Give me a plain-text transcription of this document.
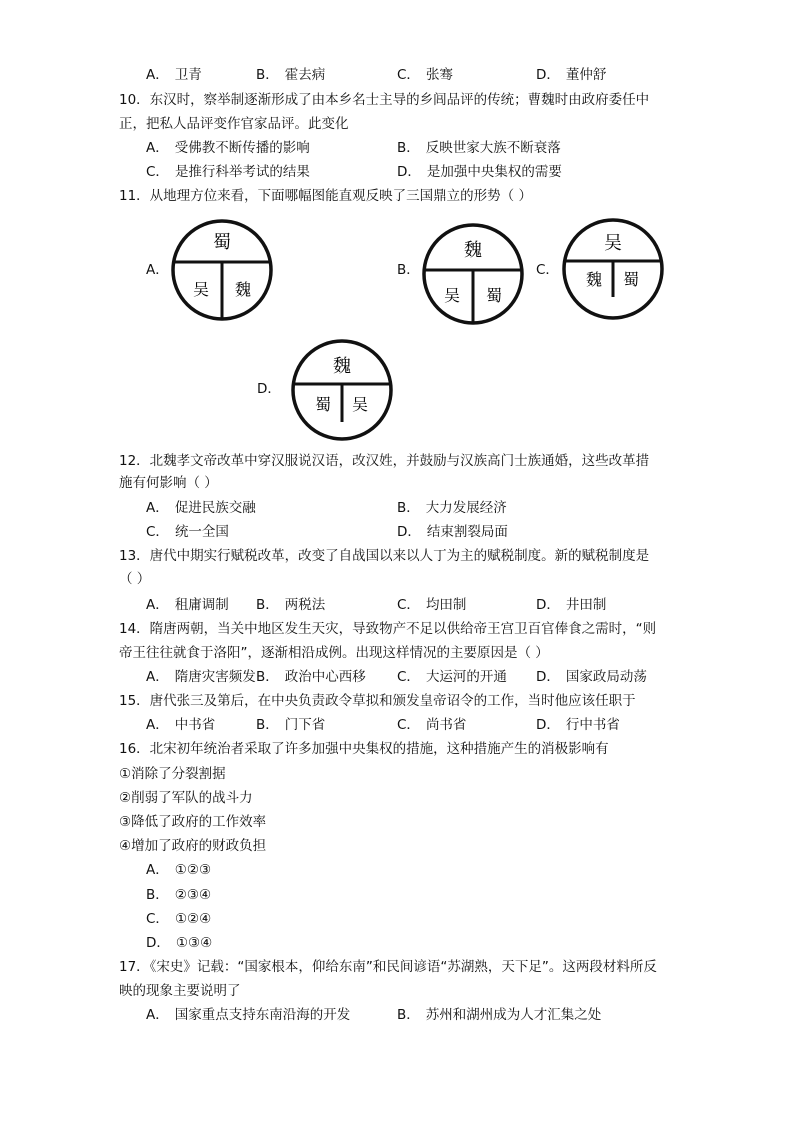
A． 卫青	B． 霍去病	C． 张骞	D． 董仲舒
10．东汉时，察举制逐渐形成了由本乡名士主导的乡闾品评的传统；曹魏时由政府委任中
正，把私人品评变作官家品评。此变化
A． 受佛教不断传播的影响	B． 反映世家大族不断衰落
C． 是推行科举考试的结果	D． 是加强中央集权的需要
11．从地理方位来看，下面哪幅图能直观反映了三国鼎立的形势（ ）
A．
蜀
吴 魏
B．
魏
吴 蜀
C．
吴
魏 蜀
D．
魏
蜀 吴
12．北魏孝文帝改革中穿汉服说汉语，改汉姓，并鼓励与汉族高门士族通婚，这些改革措
施有何影响（ ）
A． 促进民族交融	B． 大力发展经济
C． 统一全国	D． 结束割裂局面
13．唐代中期实行赋税改革，改变了自战国以来以人丁为主的赋税制度。新的赋税制度是
（ ）
A． 租庸调制 B． 两税法	C． 均田制	D． 井田制
14．隋唐两朝，当关中地区发生天灾，导致物产不足以供给帝王宫卫百官俸食之需时，“则
帝王往往就食于洛阳”，逐渐相沿成例。出现这样情况的主要原因是（ ）
A． 隋唐灾害频发 B． 政治中心西移 C． 大运河的开通 D． 国家政局动荡
15．唐代张三及第后，在中央负责政令草拟和颁发皇帝诏令的工作，当时他应该任职于
A． 中书省	B． 门下省	C． 尚书省	D． 行中书省
16．北宋初年统治者采取了许多加强中央集权的措施，这种措施产生的消极影响有
①消除了分裂割据
②削弱了军队的战斗力
③降低了政府的工作效率
④增加了政府的财政负担
A． ①②③
B． ②③④
C． ①②④
D． ①③④
17．《宋史》记载：“国家根本，仰给东南”和民间谚语“苏湖熟，天下足”。这两段材料所反
映的现象主要说明了
A． 国家重点支持东南沿海的开发	B． 苏州和湖州成为人才汇集之处
